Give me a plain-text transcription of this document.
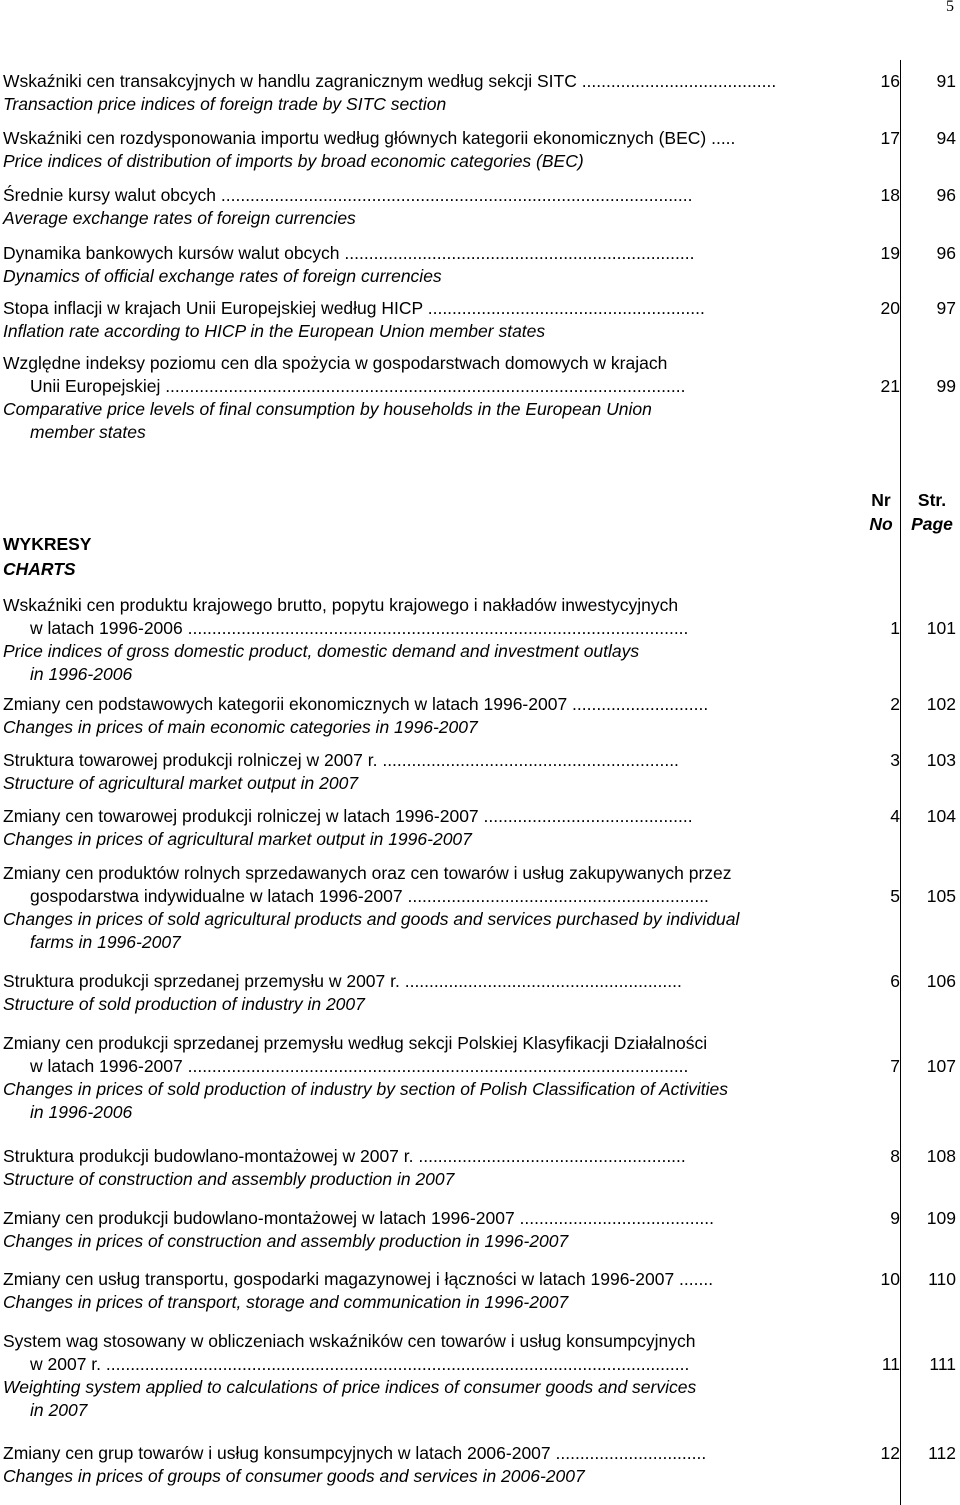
5
Wskaźniki cen transakcyjnych w handlu zagranicznym według sekcji SITC ........................................	16	91
Transaction price indices of foreign trade by SITC section
Wskaźniki cen rozdysponowania importu według głównych kategorii ekonomicznych (BEC) .....	17	94
Price indices of distribution of imports by broad economic categories (BEC)
Średnie kursy walut obcych .................................................................................................	18	96
Average exchange rates of foreign currencies
Dynamika bankowych kursów walut obcych ........................................................................	19	96
Dynamics of official exchange rates of foreign currencies
Stopa inflacji w krajach Unii Europejskiej według HICP .........................................................	20	97
Inflation rate according to HICP in the European Union member states
Względne indeksy poziomu cen dla spożycia w gospodarstwach domowych w krajach
Unii Europejskiej ...........................................................................................................	21	99
Comparative price levels of final consumption by households in the European Union
member states
WYKRESY
CHARTS
Nr
No
Str.
Page
Wskaźniki cen produktu krajowego brutto, popytu krajowego i nakładów inwestycyjnych
w latach 1996-2006 .......................................................................................................	1	101
Price indices of gross domestic product, domestic demand and investment outlays
in 1996-2006
Zmiany cen podstawowych kategorii ekonomicznych w latach 1996-2007 ............................	2	102
Changes in prices of main economic categories in 1996-2007
Struktura towarowej produkcji rolniczej w 2007 r. .............................................................	3	103
Structure of agricultural market output in 2007
Zmiany cen towarowej produkcji rolniczej w latach 1996-2007 ...........................................	4	104
Changes in prices of agricultural market output in 1996-2007
Zmiany cen produktów rolnych sprzedawanych oraz cen towarów i usług zakupywanych przez
gospodarstwa indywidualne w latach 1996-2007 ..............................................................	5	105
Changes in prices of sold agricultural products and goods and services purchased by individual
farms in 1996-2007
Struktura produkcji sprzedanej przemysłu w 2007 r. .........................................................	6	106
Structure of sold production of industry in 2007
Zmiany cen produkcji sprzedanej przemysłu według sekcji Polskiej Klasyfikacji Działalności
w latach 1996-2007 .......................................................................................................	7	107
Changes in prices of sold production of industry by section of Polish Classification of Activities
in 1996-2006
Struktura produkcji budowlano-montażowej w 2007 r. .......................................................	8	108
Structure of construction and assembly production in 2007
Zmiany cen produkcji budowlano-montażowej w latach 1996-2007 ........................................	9	109
Changes in prices of construction and assembly production in 1996-2007
Zmiany cen usług transportu, gospodarki magazynowej i łączności w latach 1996-2007 .......	10	110
Changes in prices of transport, storage and communication in 1996-2007
System wag stosowany w obliczeniach wskaźników cen towarów i usług konsumpcyjnych
w 2007 r. ........................................................................................................................	11	111
Weighting system applied to calculations of price indices of consumer goods and services
in 2007
Zmiany cen grup towarów i usług konsumpcyjnych w latach 2006-2007 ...............................	12	112
Changes in prices of groups of consumer goods and services in 2006-2007
